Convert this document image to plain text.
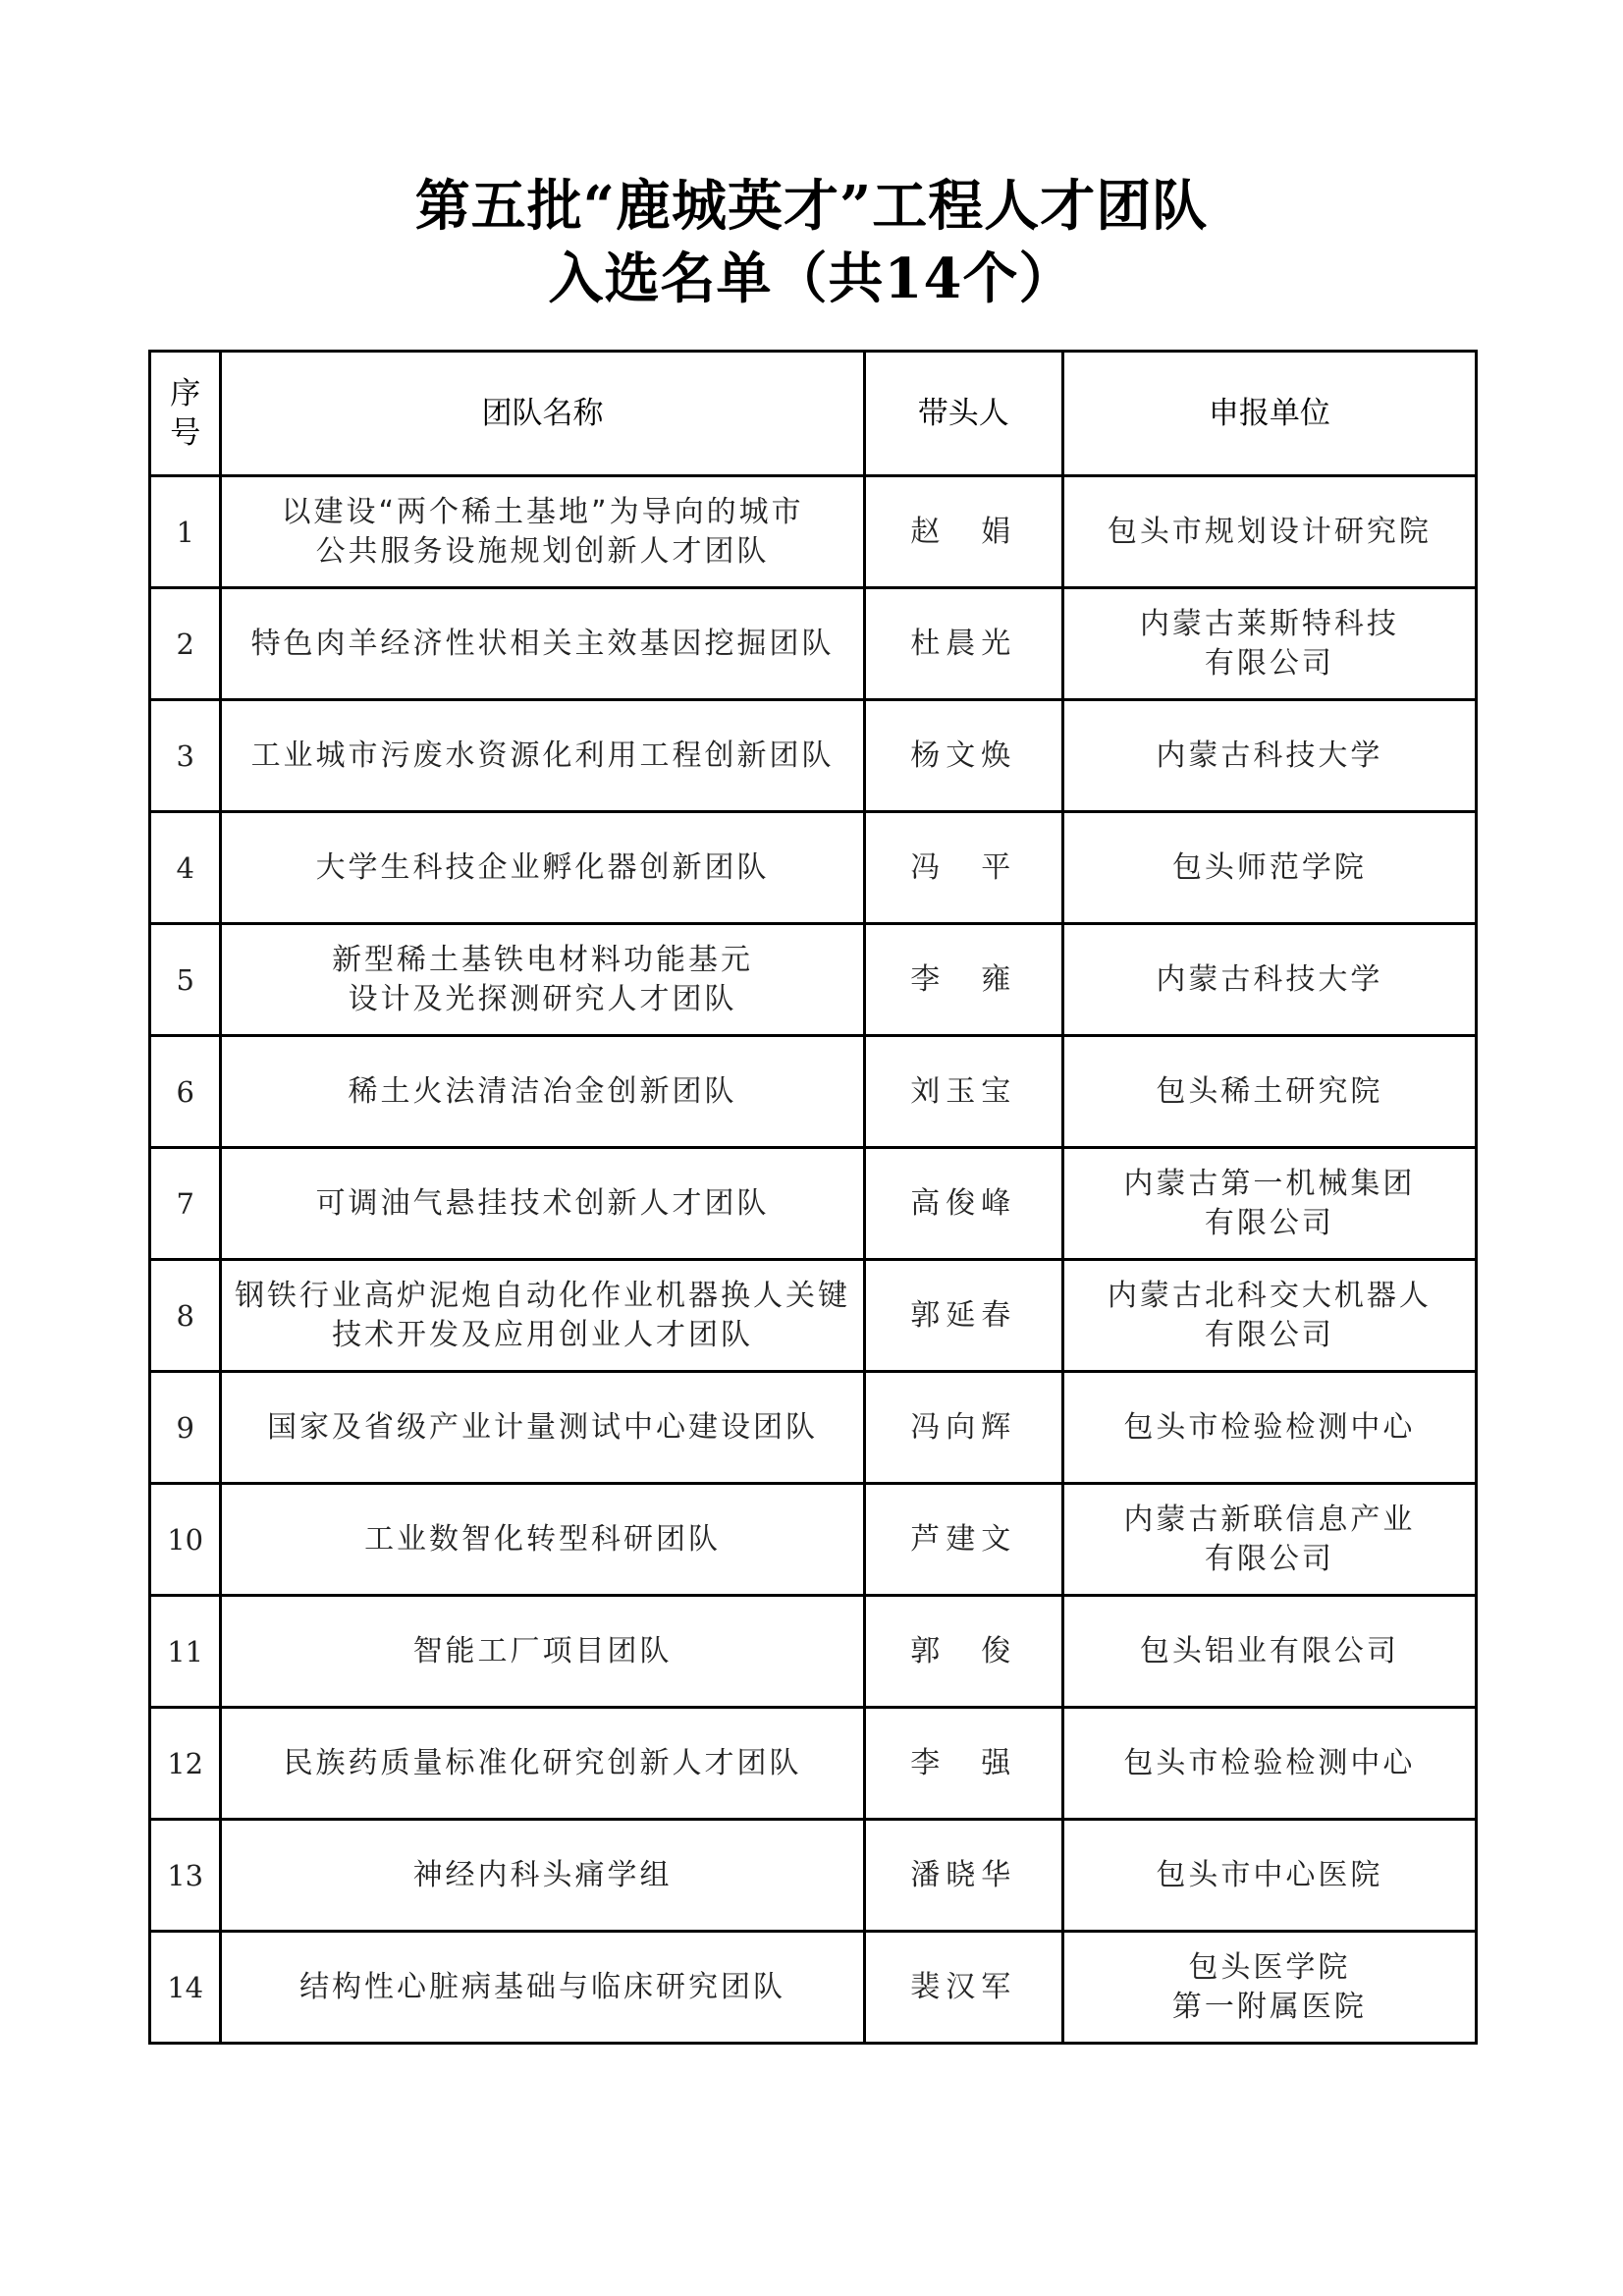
第五批“鹿城英才”工程人才团队
入选名单（共14个）
序号	团队名称	带头人	申报单位
1	以建设“两个稀土基地”为导向的城市
公共服务设施规划创新人才团队	赵　娟	包头市规划设计研究院

2	特色肉羊经济性状相关主效基因挖掘团队	杜晨光	内蒙古莱斯特科技
有限公司

3	工业城市污废水资源化利用工程创新团队	杨文焕	内蒙古科技大学

4	大学生科技企业孵化器创新团队	冯　平	包头师范学院

5	新型稀土基铁电材料功能基元
设计及光探测研究人才团队	李　雍	内蒙古科技大学

6	稀土火法清洁冶金创新团队	刘玉宝	包头稀土研究院

7	可调油气悬挂技术创新人才团队	高俊峰	内蒙古第一机械集团
有限公司

8	钢铁行业高炉泥炮自动化作业机器换人关键
技术开发及应用创业人才团队	郭延春	内蒙古北科交大机器人
有限公司

9	国家及省级产业计量测试中心建设团队	冯向辉	包头市检验检测中心

10	工业数智化转型科研团队	芦建文	内蒙古新联信息产业
有限公司

11	智能工厂项目团队	郭　俊	包头铝业有限公司

12	民族药质量标准化研究创新人才团队	李　强	包头市检验检测中心

13	神经内科头痛学组	潘晓华	包头市中心医院

14	结构性心脏病基础与临床研究团队	裴汉军	包头医学院
第一附属医院
